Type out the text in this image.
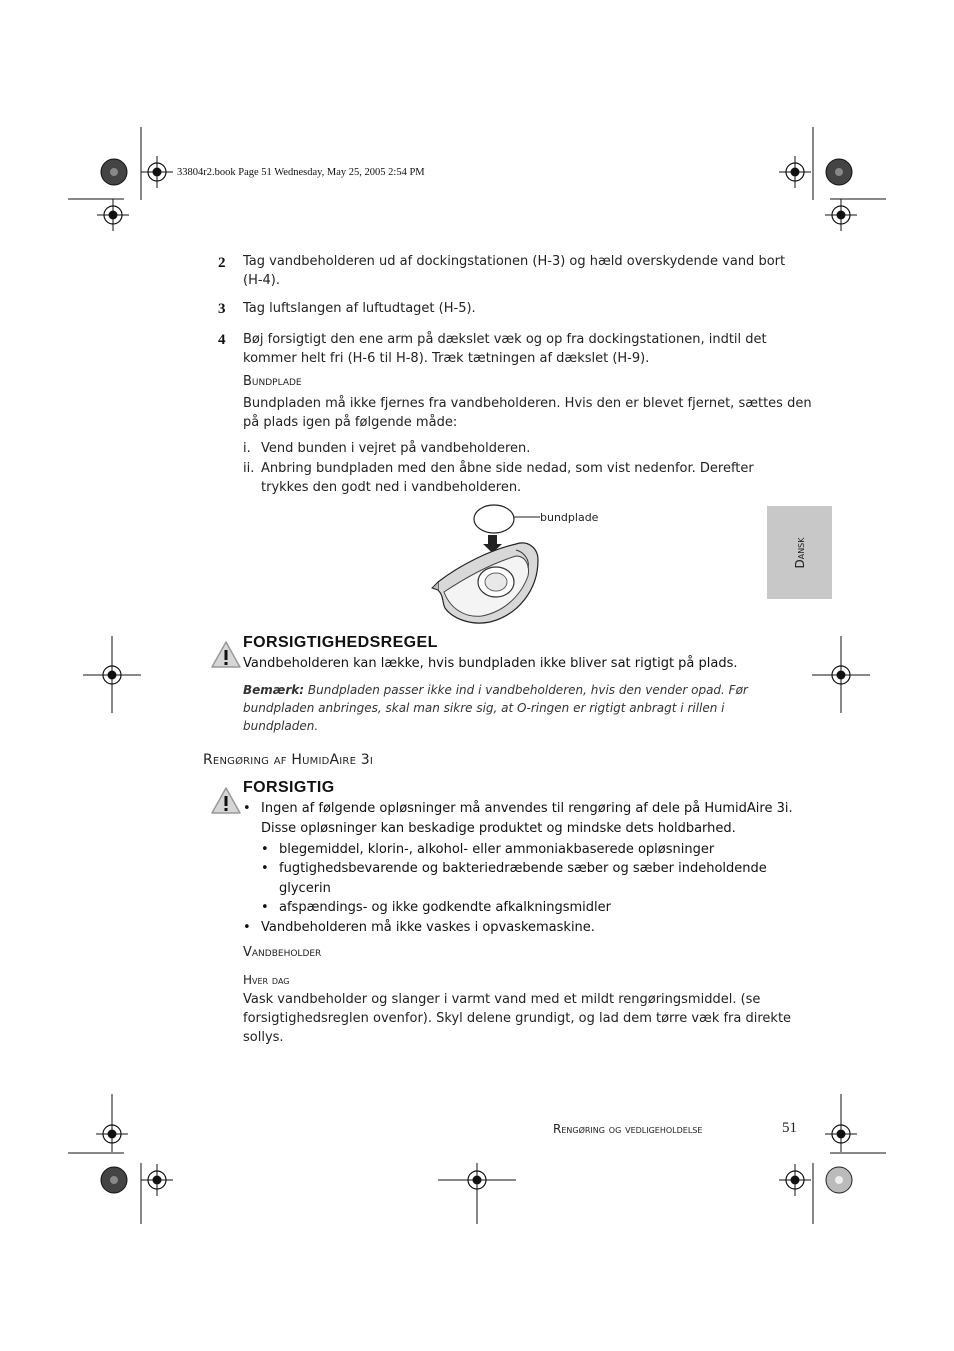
33804r2.book Page 51 Wednesday, May 25, 2005 2:54 PM
2 Tag vandbeholderen ud af dockingstationen (H-3) og hæld overskydende vand bort
(H-4).
3 Tag luftslangen af luftudtaget (H-5).
4 Bøj forsigtigt den ene arm på dækslet væk og op fra dockingstationen, indtil det
kommer helt fri (H-6 til H-8). Træk tætningen af dækslet (H-9).
Bundplade
Bundpladen må ikke fjernes fra vandbeholderen. Hvis den er blevet fjernet, sættes den
på plads igen på følgende måde:
i. Vend bunden i vejret på vandbeholderen.
ii. Anbring bundpladen med den åbne side nedad, som vist nedenfor. Derefter
trykkes den godt ned i vandbeholderen.
bundplade
Dansk
FORSIGTIGHEDSREGEL
Vandbeholderen kan lække, hvis bundpladen ikke bliver sat rigtigt på plads.
Bemærk: Bundpladen passer ikke ind i vandbeholderen, hvis den vender opad. Før
bundpladen anbringes, skal man sikre sig, at O-ringen er rigtigt anbragt i rillen i
bundpladen.
Rengøring af HumidAire 3i
FORSIGTIG
• Ingen af følgende opløsninger må anvendes til rengøring af dele på HumidAire 3i.
Disse opløsninger kan beskadige produktet og mindske dets holdbarhed.
• blegemiddel, klorin-, alkohol- eller ammoniakbaserede opløsninger
• fugtighedsbevarende og bakteriedræbende sæber og sæber indeholdende
glycerin
• afspændings- og ikke godkendte afkalkningsmidler
• Vandbeholderen må ikke vaskes i opvaskemaskine.
Vandbeholder
Hver dag
Vask vandbeholder og slanger i varmt vand med et mildt rengøringsmiddel. (se
forsigtighedsreglen ovenfor). Skyl delene grundigt, og lad dem tørre væk fra direkte
sollys.
Rengøring og vedligeholdelse	51
